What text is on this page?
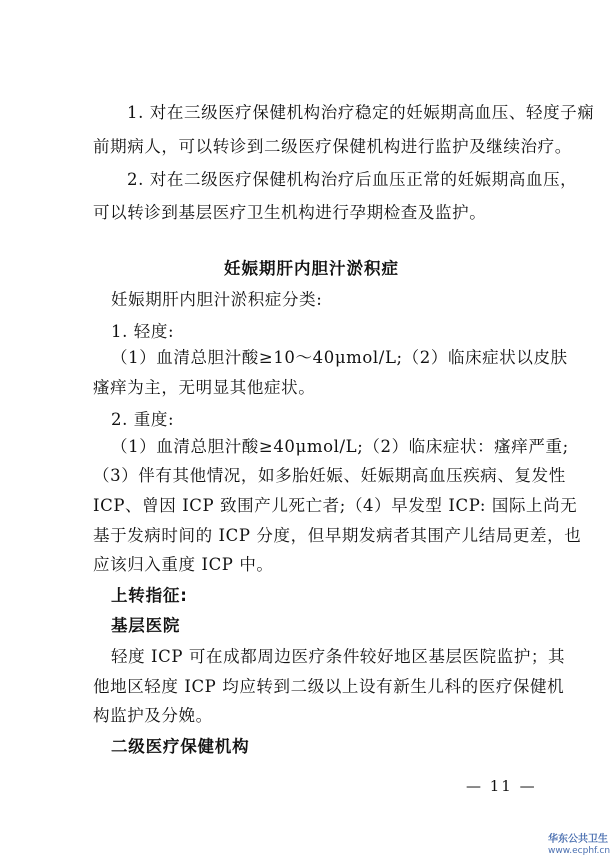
1. 对在三级医疗保健机构治疗稳定的妊娠期高血压、轻度子痫
前期病人，可以转诊到二级医疗保健机构进行监护及继续治疗。
2. 对在二级医疗保健机构治疗后血压正常的妊娠期高血压，
可以转诊到基层医疗卫生机构进行孕期检查及监护。
妊娠期肝内胆汁淤积症
妊娠期肝内胆汁淤积症分类:
1. 轻度:
（1）血清总胆汁酸≥10～40μmol/L;（2）临床症状以皮肤
瘙痒为主，无明显其他症状。
2. 重度:
（1）血清总胆汁酸≥40μmol/L;（2）临床症状：瘙痒严重;
（3）伴有其他情况，如多胎妊娠、妊娠期高血压疾病、复发性
ICP、曾因 ICP 致围产儿死亡者;（4）早发型 ICP: 国际上尚无
基于发病时间的 ICP 分度，但早期发病者其围产儿结局更差，也
应该归入重度 ICP 中。
上转指征:
基层医院
轻度 ICP 可在成都周边医疗条件较好地区基层医院监护；其
他地区轻度 ICP 均应转到二级以上设有新生儿科的医疗保健机
构监护及分娩。
二级医疗保健机构
— 11 —
华东公共卫生
www.ecphf.cn
